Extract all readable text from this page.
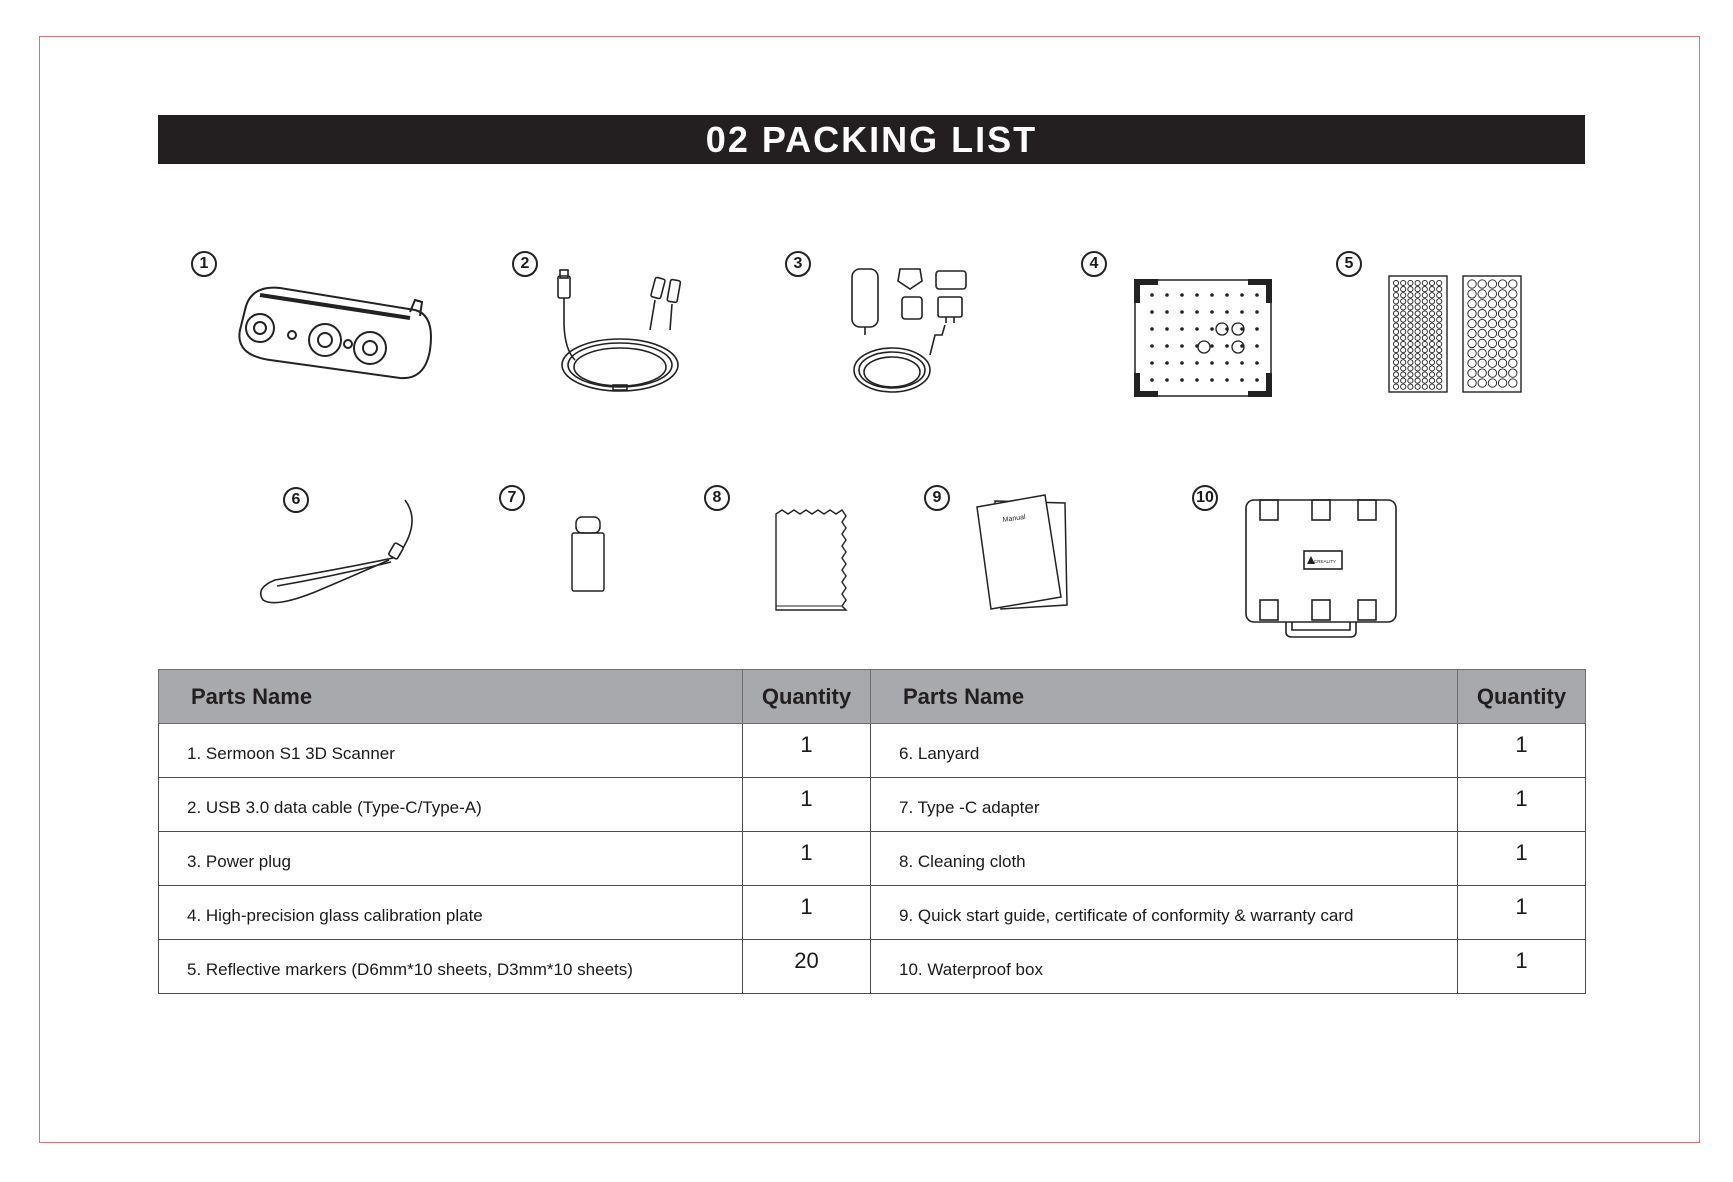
02 PACKING LIST
1	2	3	4	5
6	7	8	9
Manual
10
CREALITY
Parts Name	Quantity	Parts Name	Quantity
1. Sermoon S1 3D Scanner	1	6. Lanyard	1
2. USB 3.0 data cable (Type-C/Type-A)	1	7. Type -C adapter	1
3. Power plug	1	8. Cleaning cloth	1
4. High-precision glass calibration plate	1	9. Quick start guide, certificate of conformity & warranty card	1
5. Reflective markers (D6mm*10 sheets, D3mm*10 sheets)	20	10. Waterproof box	1
